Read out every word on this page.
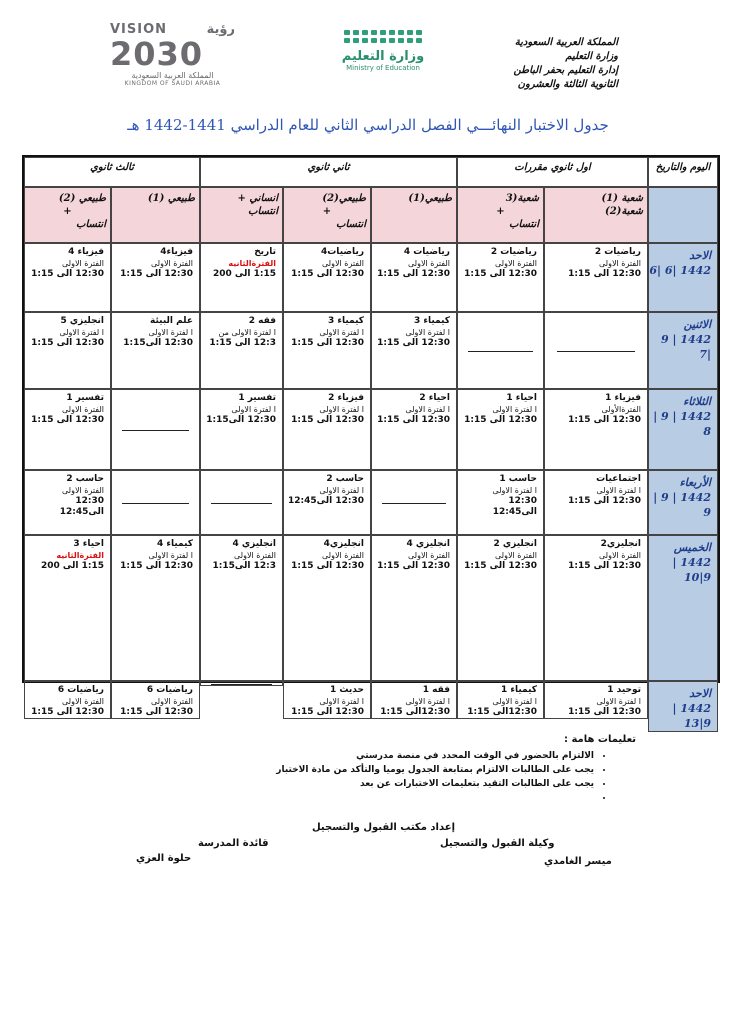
المملكة العربية السعودية
وزارة التعليم
إدارة التعليم بحفر الباطن
الثانوية الثالثة والعشرون
وزارة التعليم
Ministry of Education
VISION	رؤية
2030
المملكة العربية السعودية
KINGDOM OF SAUDI ARABIA
جدول الاختبار النهائـــي الفصل الدراسي الثاني للعام الدراسي 1441-1442 هـ
اليوم والتاريخ
اول ثانوي مقررات
ثاني ثانوي
ثالث ثانوي
شعبة (1)
شعبة(2)
شعبة(3
+
انتساب
طبيعي(1)
طبيعي(2)
+
انتساب
انساني +
انتساب
طبيعي (1)
طبيعي (2)
+
انتساب
الاحد
1442 |6 |6
رياضيات 2
الفترة الاولى
12:30 الى 1:15
رياضيات 2
الفترة الاولى
12:30 الى 1:15
رياضيات 4
الفترة الاولى
12:30 الى 1:15
رياضيات4
الفترة الاولى
12:30 الى 1:15
تاريخ
الفترةالثانيه
1:15 الى 200
فيزياء4
الفترة الاولى
12:30 الى 1:15
فيزياء 4
الفترة الاولى
12:30 الى 1:15
الاثنين
1442 | 9 |7
كيمياء 3
ا لفترة الاولى
12:30 الى 1:15
كيمياء 3
ا لفترة الاولى
12:30 الى 1:15
فقه 2
ا لفترة الاولى من
12:3 الى 1:15
علم البيئة
ا لفترة الاولى
12:30 الى1:15
انجليزي 5
ا لفترة الاولى
12:30 الى 1:15
الثلاثاء
1442 | 9 | 8
فيزياء 1
الفترةالأولى
12:30 الى 1:15
احياء 1
ا لفترة الاولى
12:30 الى 1:15
احياء 2
ا لفترة الاولى
12:30 الى 1:15
فيزياء 2
ا لفترة الاولى
12:30 الى 1:15
تفسير 1
ا لفترة الاولى
12:30 الى1:15
تفسير 1
الفترة الاولى
12:30 الى 1:15
الأربعاء
1442 | 9 | 9
اجتماعيات
ا لفترة الاولى
12:30 الى 1:15
حاسب 1
ا لفترة الاولى
12:30 الى12:45
حاسب 2
ا لفترة الاولى
12:30 الى12:45
حاسب 2
الفترة الاولى
12:30 الى12:45
الخميس
1442 | 9|10
انجليزي2
الفترة الاولى
12:30 الى 1:15
انجليزي 2
الفترة الاولى
12:30 الى 1:15
انجليزي 4
الفترة الاولى
12:30 الى 1:15
انجليزي4
الفترة الاولى
12:30 الى 1:15
انجليزي 4
الفترة الاولى
12:3 الى1:15
كيمياء 4
ا لفترة الاولى
12:30 الى 1:15
احياء 3
الفترةالثانيه
1:15 الى 200
الاحد
1442 | 9|13
توحيد 1
ا لفترة الاولى
12:30 الى 1:15
كيمياء 1
ا لفترة الاولى
12:30الى 1:15
فقه 1
ا لفترة الاولى
12:30الى 1:15
حديث 1
ا لفترة الاولى
12:30 الى 1:15
رياضيات 6
الفترة الاولى
12:30 الى 1:15
رياضيات 6
الفترة الاولى
12:30 الى 1:15
تعليمات هامة :
• الالتزام بالحضور في الوقت المحدد في منصة مدرستي
• يجب على الطالبات الالتزام بمتابعة الجدول يوميا والتأكد من مادة الاختبار
• يجب على الطالبات التقيد بتعليمات الاختبارات عن بعد
•
إعداد مكتب القبول والتسجيل
وكيلة القبول والتسجيل
قائدة المدرسة
ميسر الغامدي
حلوة العزي
